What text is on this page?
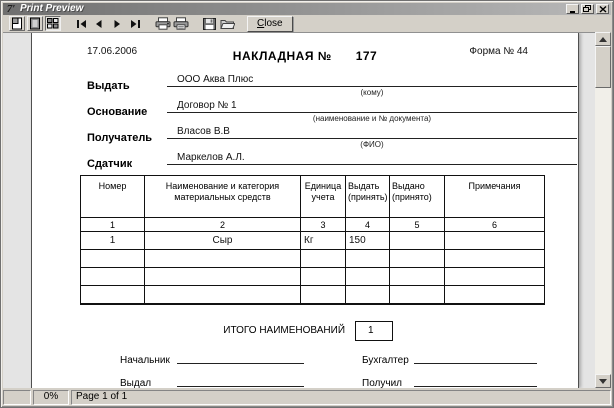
7′ Print Preview
Close
17.06.2006	НАКЛАДНАЯ № 177	Форма № 44
Выдать
ООО Аква Плюс
(кому)
Основание
Договор № 1
(наименование и № документа)
Получатель
Власов В.В
(ФИО)
Сдатчик
Маркелов А.Л.
Номер	Наименование и категория материальных средств	Единица учета	Выдать (принять)	Выдано (принято)	Примечания
1	2	3	4	5	6
1	Сыр	Кг	150		

ИТОГО НАИМЕНОВАНИЙ	1
Начальник	Бухгалтер
Выдал	Получил
0%	Page 1 of 1
